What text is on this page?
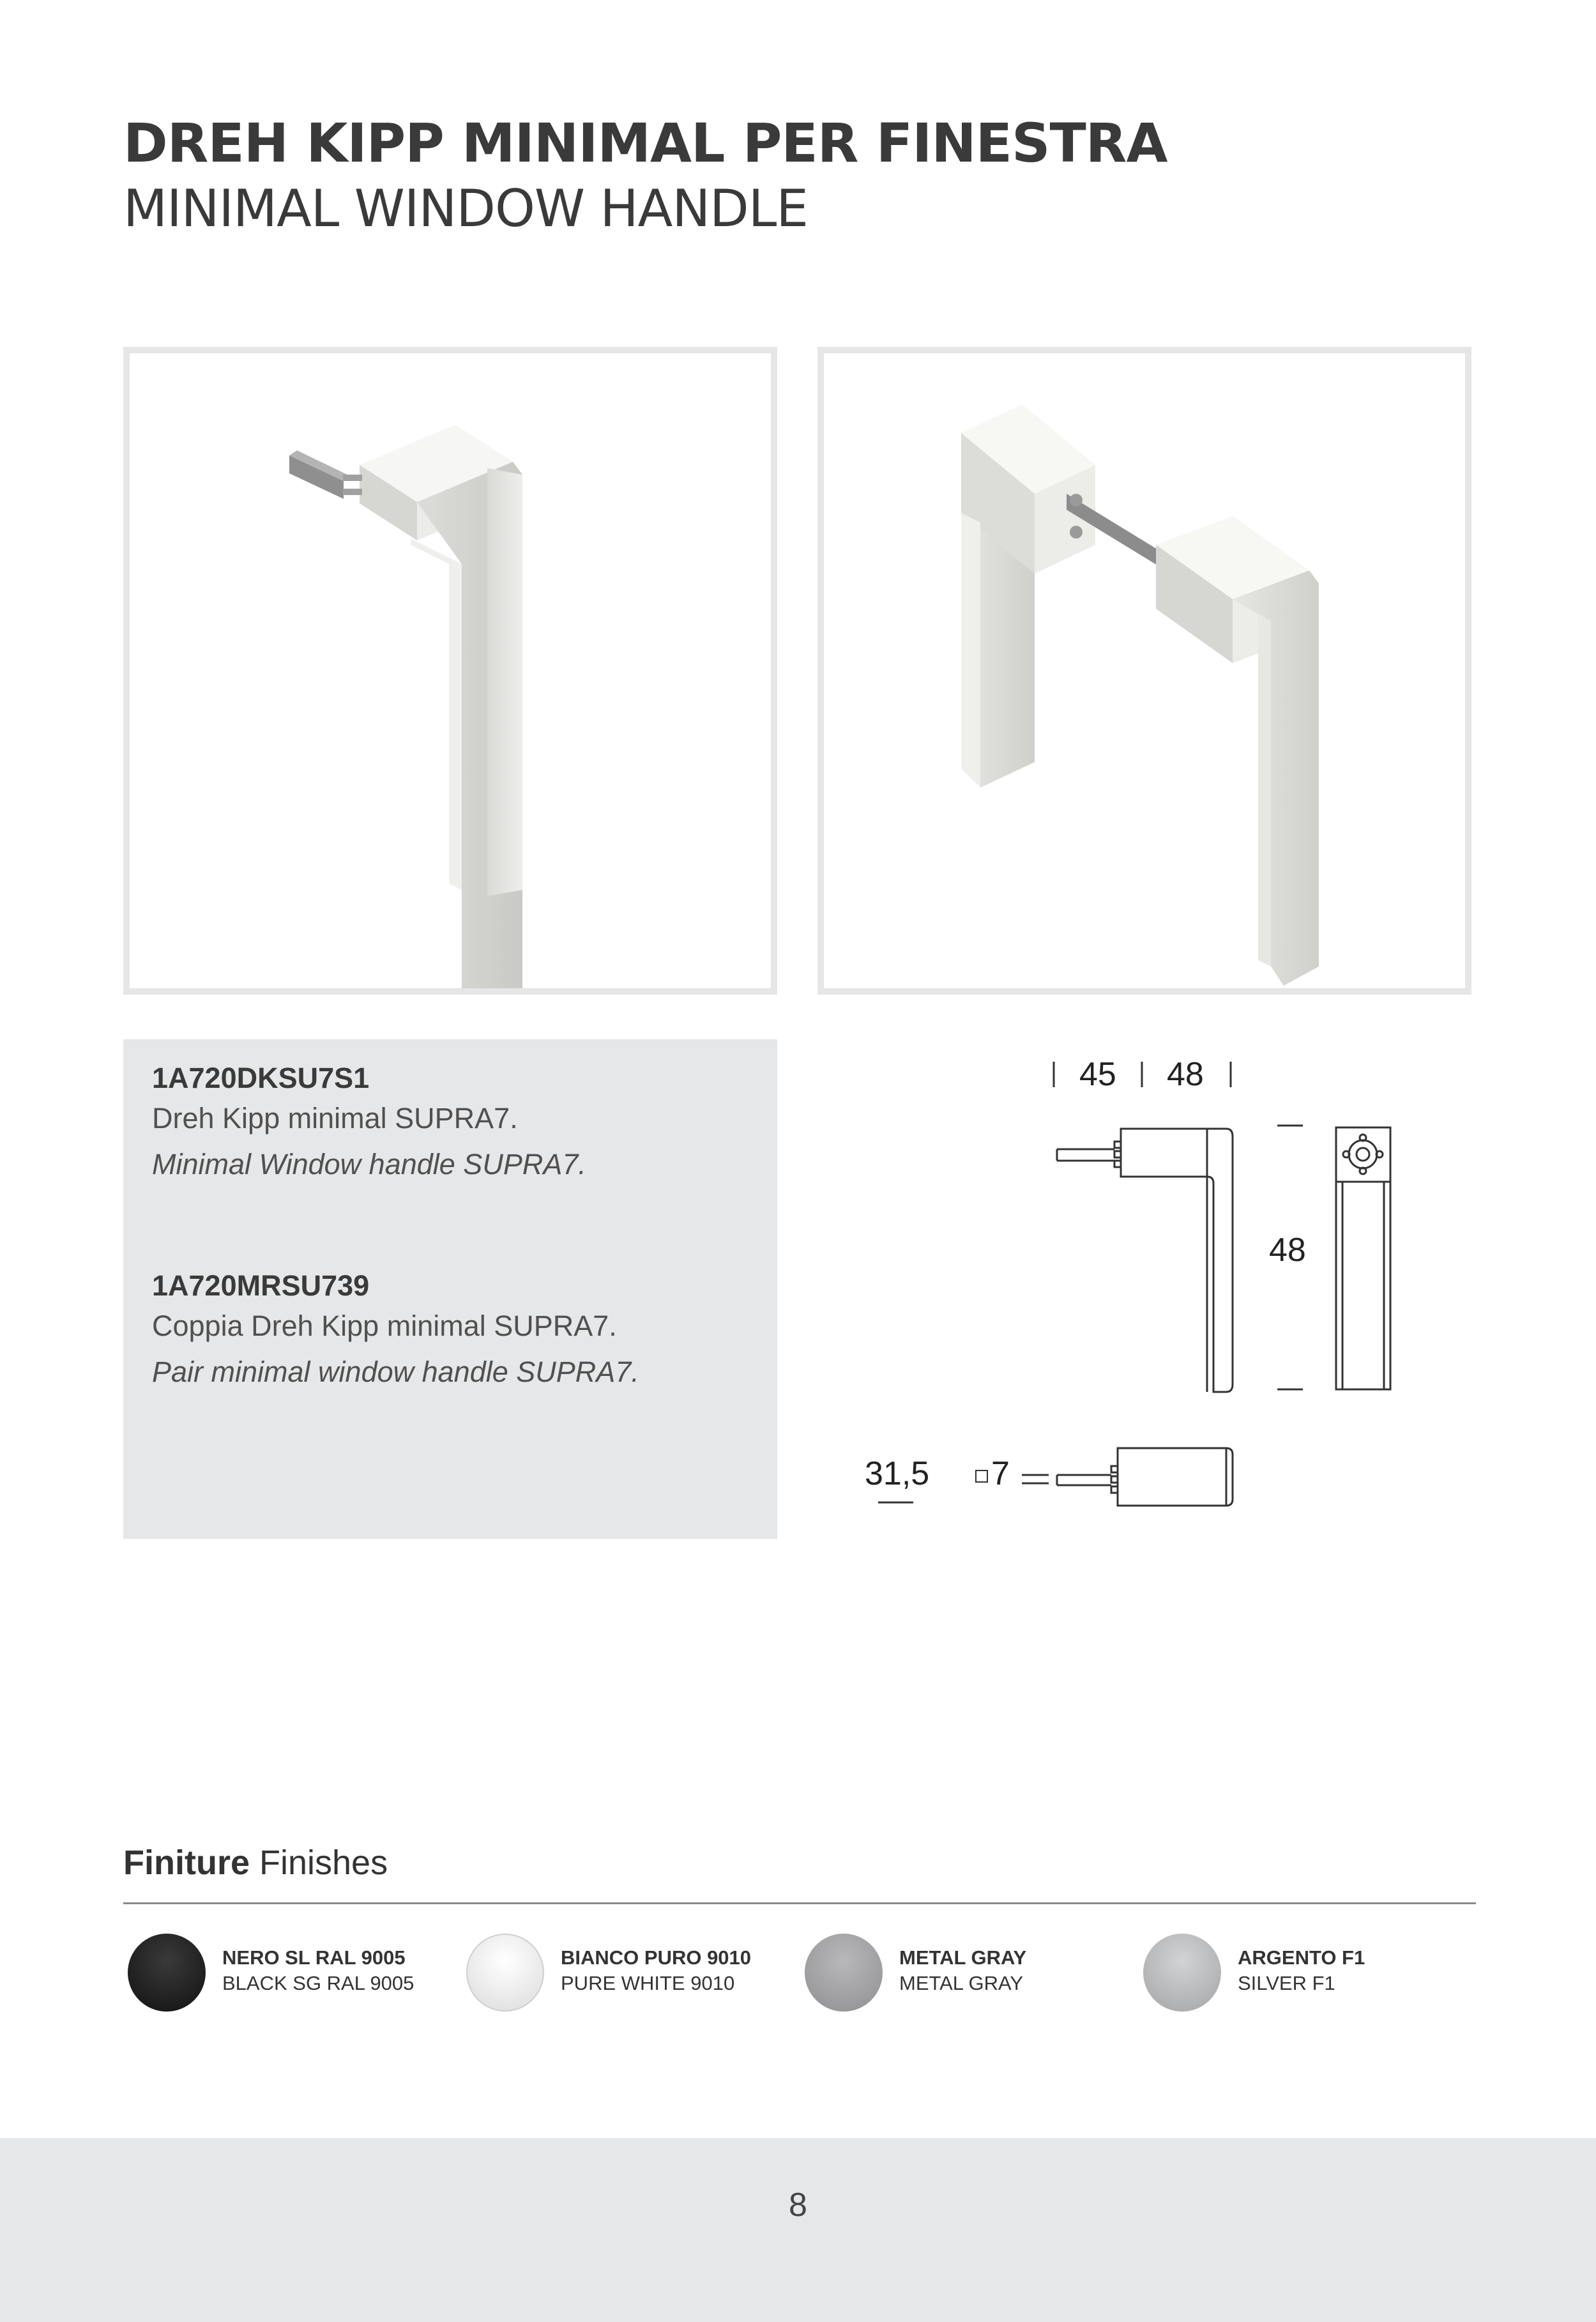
DREH KIPP MINIMAL PER FINESTRA
MINIMAL WINDOW HANDLE
1A720DKSU7S1
Dreh Kipp minimal SUPRA7.
Minimal Window handle SUPRA7.
1A720MRSU739
Coppia Dreh Kipp minimal SUPRA7.
Pair minimal window handle SUPRA7.
45 48
48
31,5 7
Finiture Finishes
NERO SL RAL 9005
BLACK SG RAL 9005
BIANCO PURO 9010
PURE WHITE 9010
METAL GRAY
METAL GRAY
ARGENTO F1
SILVER F1
8
